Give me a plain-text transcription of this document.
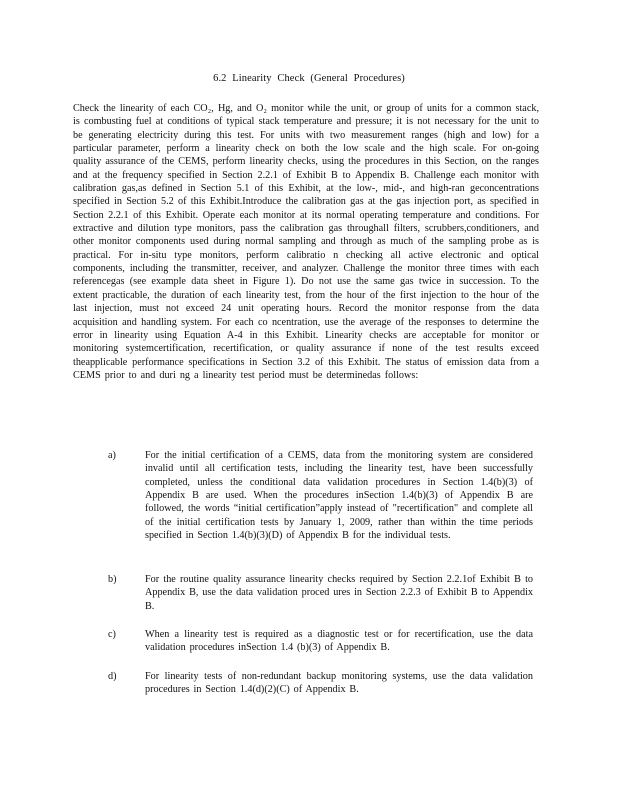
6.2 Linearity Check (General Procedures)

Check the linearity of each CO₂, Hg, and O₂ monitor while the unit, or group of units for a common stack, is combusting fuel at conditions of typical stack temperature and pressure; it is not necessary for the unit to be generating electricity during this test. For units with two measurement ranges (high and low) for a particular parameter, perform a linearity check on both the low scale and the high scale. For on-going quality assurance of the CEMS, perform linearity checks, using the procedures in this Section, on the ranges and at the frequency specified in Section 2.2.1 of Exhibit B to Appendix B. Challenge each monitor with calibration gas,as defined in Section 5.1 of this Exhibit, at the low-, mid-, and high-ran geconcentrations specified in Section 5.2 of this Exhibit.Introduce the calibration gas at the gas injection port, as specified in Section 2.2.1 of this Exhibit. Operate each monitor at its normal operating temperature and conditions. For extractive and dilution type monitors, pass the calibration gas throughall filters, scrubbers,conditioners, and other monitor components used during normal sampling and through as much of the sampling probe as is practical. For in-situ type monitors, perform calibratio n checking all active electronic and optical components, including the transmitter, receiver, and analyzer. Challenge the monitor three times with each referencegas (see example data sheet in Figure 1). Do not use the same gas twice in succession. To the extent practicable, the duration of each linearity test, from the hour of the first injection to the hour of the last injection, must not exceed 24 unit operating hours. Record the monitor response from the data acquisition and handling system. For each co ncentration, use the average of the responses to determine the error in linearity using Equation A-4 in this Exhibit. Linearity checks are acceptable for monitor or monitoring systemcertification, recertification, or quality assurance if none of the test results exceed theapplicable performance specifications in Section 3.2 of this Exhibit. The status of emission data from a CEMS prior to and duri ng a linearity test period must be determinedas follows:

a)	For the initial certification of a CEMS, data from the monitoring system are considered invalid until all certification tests, including the linearity test, have been successfully completed, unless the conditional data validation procedures in Section 1.4(b)(3) of Appendix B are used. When the procedures inSection 1.4(b)(3) of Appendix B are followed, the words “initial certification”apply instead of "recertification" and complete all of the initial certification tests by January 1, 2009, rather than within the time periods specified in Section 1.4(b)(3)(D) of Appendix B for the individual tests.

b)	For the routine quality assurance linearity checks required by Section 2.2.1of Exhibit B to Appendix B, use the data validation proced ures in Section 2.2.3 of Exhibit B to Appendix B.

c)	When a linearity test is required as a diagnostic test or for recertification, use the data validation procedures inSection 1.4 (b)(3) of Appendix B.

d)	For linearity tests of non-redundant backup monitoring systems, use the data validation procedures in Section 1.4(d)(2)(C) of Appendix B.
